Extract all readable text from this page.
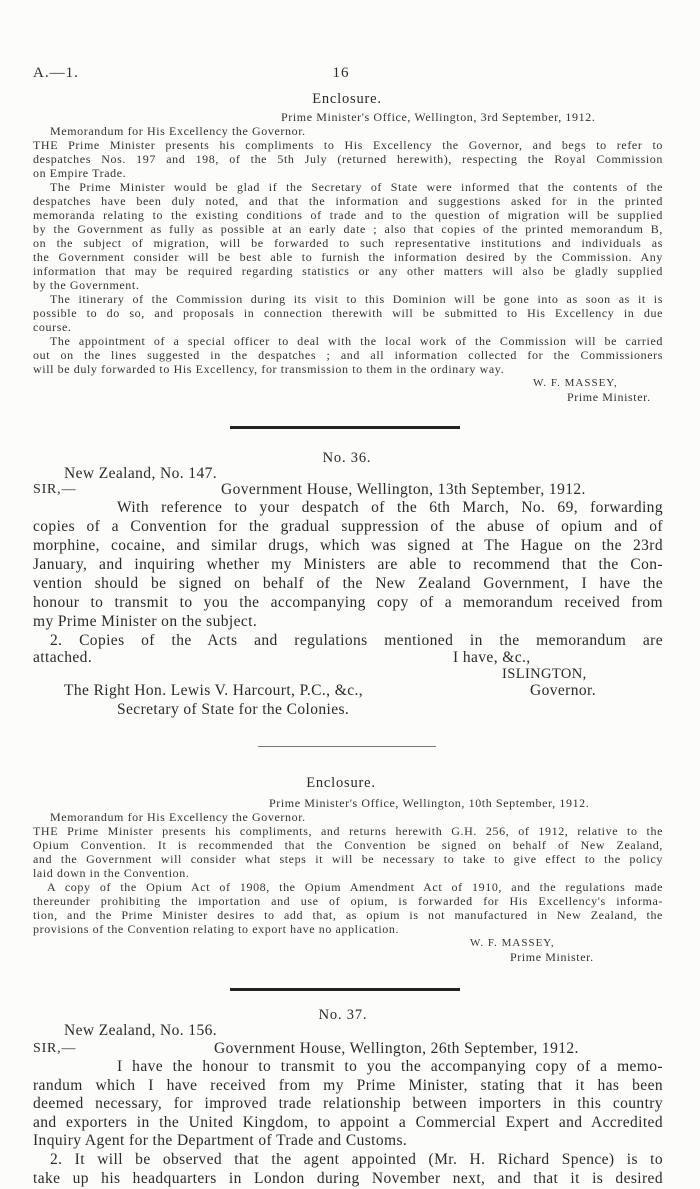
A.—1.	16
Enclosure.
Prime Minister's Office, Wellington, 3rd September, 1912.
Memorandum for His Excellency the Governor.
THE Prime Minister presents his compliments to His Excellency the Governor, and begs to refer to
despatches Nos. 197 and 198, of the 5th July (returned herewith), respecting the Royal Commission
on Empire Trade.
The Prime Minister would be glad if the Secretary of State were informed that the contents of the
despatches have been duly noted, and that the information and suggestions asked for in the printed
memoranda relating to the existing conditions of trade and to the question of migration will be supplied
by the Government as fully as possible at an early date ; also that copies of the printed memorandum B,
on the subject of migration, will be forwarded to such representative institutions and individuals as
the Government consider will be best able to furnish the information desired by the Commission. Any
information that may be required regarding statistics or any other matters will also be gladly supplied
by the Government.
The itinerary of the Commission during its visit to this Dominion will be gone into as soon as it is
possible to do so, and proposals in connection therewith will be submitted to His Excellency in due
course.
The appointment of a special officer to deal with the local work of the Commission will be carried
out on the lines suggested in the despatches ; and all information collected for the Commissioners
will be duly forwarded to His Excellency, for transmission to them in the ordinary way.
W. F. MASSEY,
Prime Minister.
No. 36.
New Zealand, No. 147.
SIR,—	Government House, Wellington, 13th September, 1912.
With reference to your despatch of the 6th March, No. 69, forwarding
copies of a Convention for the gradual suppression of the abuse of opium and of
morphine, cocaine, and similar drugs, which was signed at The Hague on the 23rd
January, and inquiring whether my Ministers are able to recommend that the Con-
vention should be signed on behalf of the New Zealand Government, I have the
honour to transmit to you the accompanying copy of a memorandum received from
my Prime Minister on the subject.
2. Copies of the Acts and regulations mentioned in the memorandum are
attached.	I have, &c.,
ISLINGTON,
The Right Hon. Lewis V. Harcourt, P.C., &c.,	Governor.
Secretary of State for the Colonies.
Enclosure.
Prime Minister's Office, Wellington, 10th September, 1912.
Memorandum for His Excellency the Governor.
THE Prime Minister presents his compliments, and returns herewith G.H. 256, of 1912, relative to the
Opium Convention. It is recommended that the Convention be signed on behalf of New Zealand,
and the Government will consider what steps it will be necessary to take to give effect to the policy
laid down in the Convention.
A copy of the Opium Act of 1908, the Opium Amendment Act of 1910, and the regulations made
thereunder prohibiting the importation and use of opium, is forwarded for His Excellency's informa-
tion, and the Prime Minister desires to add that, as opium is not manufactured in New Zealand, the
provisions of the Convention relating to export have no application.
W. F. MASSEY,
Prime Minister.
No. 37.
New Zealand, No. 156.
SIR,—	Government House, Wellington, 26th September, 1912.
I have the honour to transmit to you the accompanying copy of a memo-
randum which I have received from my Prime Minister, stating that it has been
deemed necessary, for improved trade relationship between importers in this country
and exporters in the United Kingdom, to appoint a Commercial Expert and Accredited
Inquiry Agent for the Department of Trade and Customs.
2. It will be observed that the agent appointed (Mr. H. Richard Spence) is to
take up his headquarters in London during November next, and that it is desired
